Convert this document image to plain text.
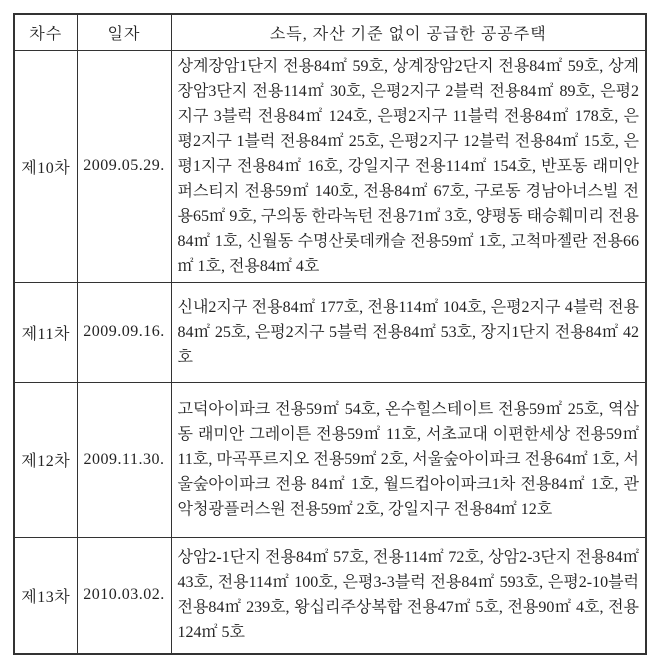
차수	일자	소득, 자산 기준 없이 공급한 공공주택
제10차	2009.05.29.	상계장암1단지 전용84㎡ 59호, 상계장암2단지 전용84㎡ 59호, 상계장암3단지 전용114㎡ 30호, 은평2지구 2블럭 전용84㎡ 89호, 은평2지구 3블럭 전용84㎡ 124호, 은평2지구 11블럭 전용84㎡ 178호, 은평2지구 1블럭 전용84㎡ 25호, 은평2지구 12블럭 전용84㎡ 15호, 은평1지구 전용84㎡ 16호, 강일지구 전용114㎡ 154호, 반포동 래미안퍼스티지 전용59㎡ 140호, 전용84㎡ 67호, 구로동 경남아너스빌 전용65㎡ 9호, 구의동 한라녹턴 전용71㎡ 3호, 양평동 태승훼미리 전용84㎡ 1호, 신월동 수명산롯데캐슬 전용59㎡ 1호, 고척마젤란 전용66㎡ 1호, 전용84㎡ 4호
제11차	2009.09.16.	신내2지구 전용84㎡ 177호, 전용114㎡ 104호, 은평2지구 4블럭 전용84㎡ 25호, 은평2지구 5블럭 전용84㎡ 53호, 장지1단지 전용84㎡ 42호
제12차	2009.11.30.	고덕아이파크 전용59㎡ 54호, 온수힐스테이트 전용59㎡ 25호, 역삼동 래미안 그레이튼 전용59㎡ 11호, 서초교대 이편한세상 전용59㎡ 11호, 마곡푸르지오 전용59㎡ 2호, 서울숲아이파크 전용64㎡ 1호, 서울숲아이파크 전용 84㎡ 1호, 월드컵아이파크1차 전용84㎡ 1호, 관악청광플러스원 전용59㎡ 2호, 강일지구 전용84㎡ 12호
제13차	2010.03.02.	상암2-1단지 전용84㎡ 57호, 전용114㎡ 72호, 상암2-3단지 전용84㎡ 43호, 전용114㎡ 100호, 은평3-3블럭 전용84㎡ 593호, 은평2-10블럭 전용84㎡ 239호, 왕십리주상복합 전용47㎡ 5호, 전용90㎡ 4호, 전용124㎡ 5호
